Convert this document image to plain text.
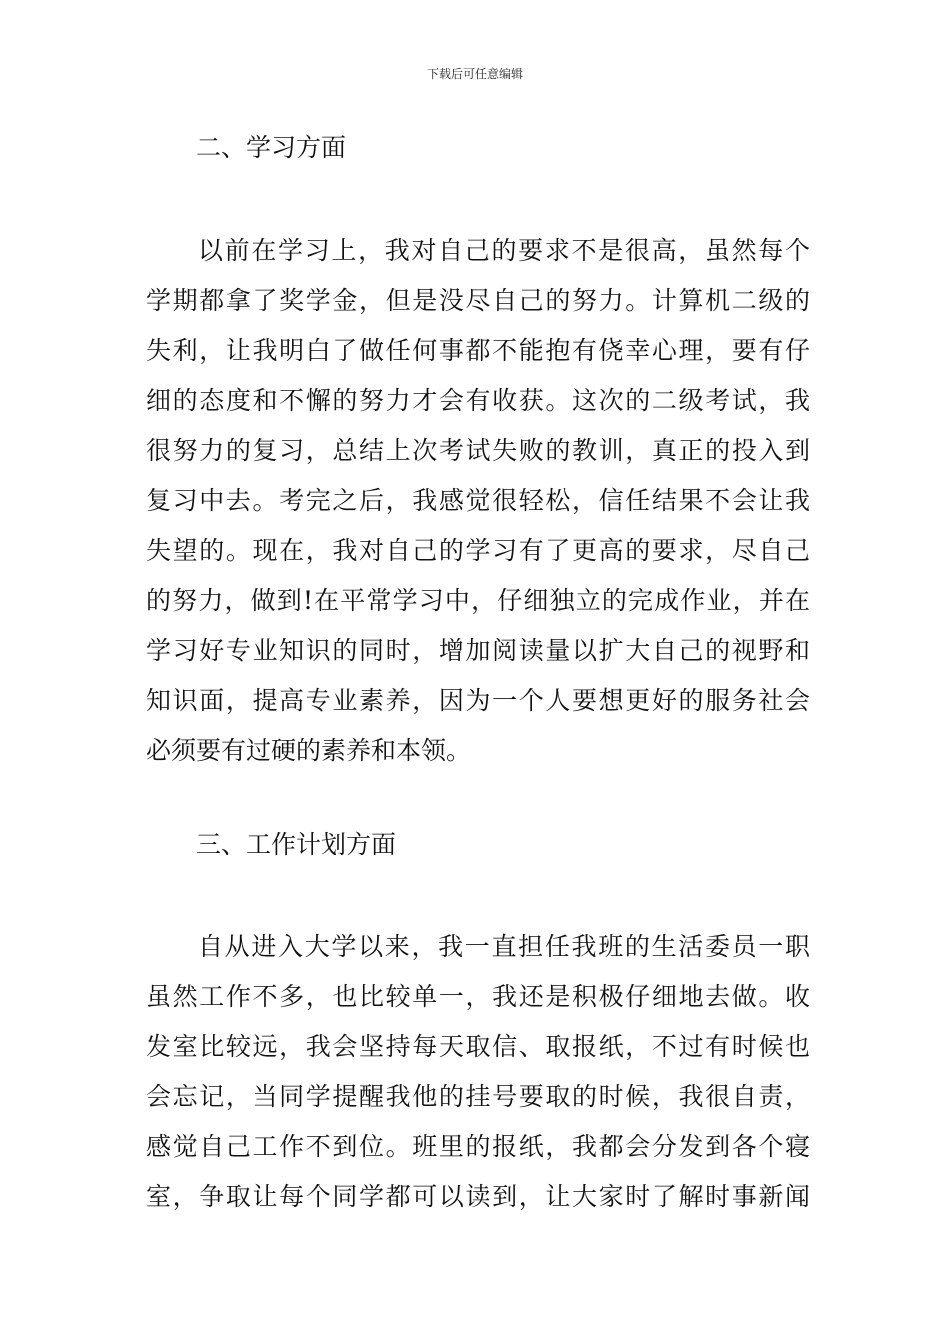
下载后可任意编辑
二、学习方面
以前在学习上，我对自己的要求不是很高，虽然每个
学期都拿了奖学金，但是没尽自己的努力。计算机二级的
失利，让我明白了做任何事都不能抱有侥幸心理，要有仔
细的态度和不懈的努力才会有收获。这次的二级考试，我
很努力的复习，总结上次考试失败的教训，真正的投入到
复习中去。考完之后，我感觉很轻松，信任结果不会让我
失望的。现在，我对自己的学习有了更高的要求，尽自己
的努力，做到!在平常学习中，仔细独立的完成作业，并在
学习好专业知识的同时，增加阅读量以扩大自己的视野和
知识面，提高专业素养，因为一个人要想更好的服务社会
必须要有过硬的素养和本领。
三、工作计划方面
自从进入大学以来，我一直担任我班的生活委员一职
虽然工作不多，也比较单一，我还是积极仔细地去做。收
发室比较远，我会坚持每天取信、取报纸，不过有时候也
会忘记，当同学提醒我他的挂号要取的时候，我很自责，
感觉自己工作不到位。班里的报纸，我都会分发到各个寝
室，争取让每个同学都可以读到，让大家时了解时事新闻
